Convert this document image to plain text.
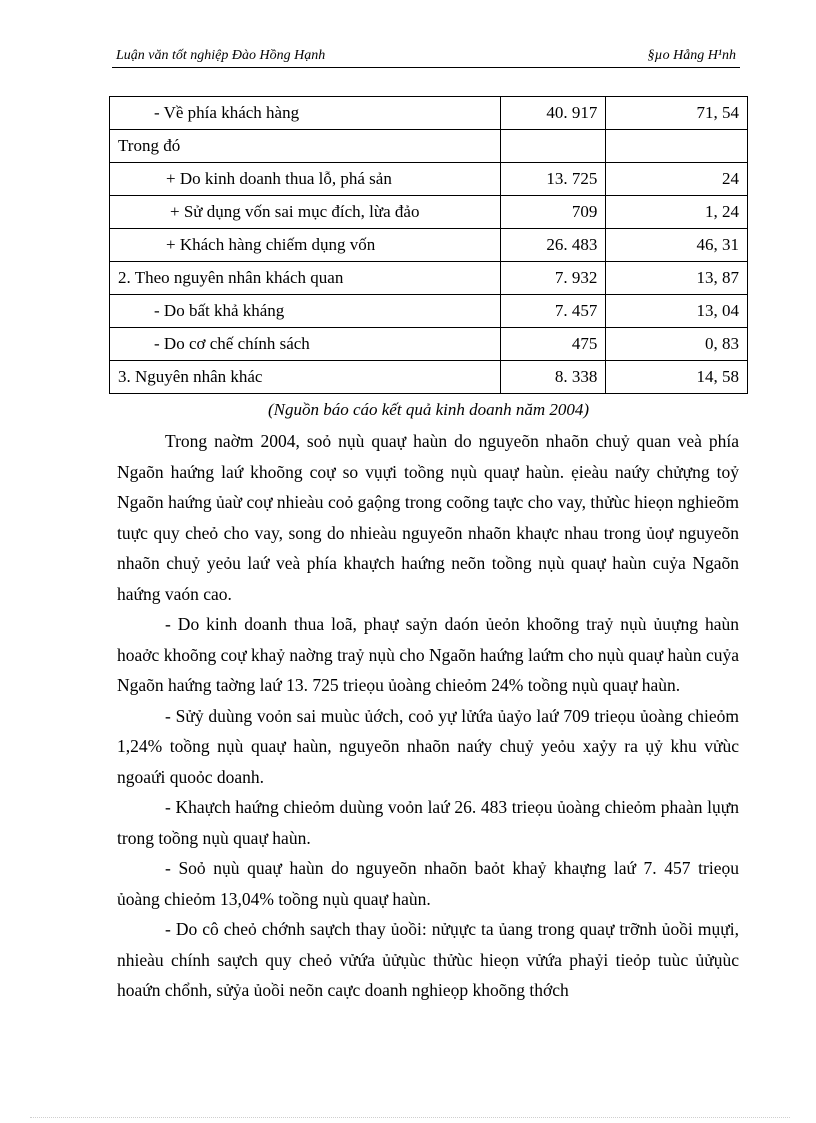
Luận văn tốt nghiệp Đào Hồng Hạnh	§µo Hång H¹nh
- Về phía khách hàng	40. 917	71, 54
Trong đó		
+ Do kinh doanh thua lỗ, phá sản	13. 725	24
+ Sử dụng vốn sai mục đích, lừa đảo	709	1, 24
+ Khách hàng chiếm dụng vốn	26. 483	46, 31
2. Theo nguyên nhân khách quan	7. 932	13, 87
- Do bất khả kháng	7. 457	13, 04
- Do cơ chế chính sách	475	0, 83
3. Nguyên nhân khác	8. 338	14, 58
(Nguồn báo cáo kết quả kinh doanh năm 2004)

Trong naờm 2004, soỏ nụù quaự haùn do nguyeõn nhaõn chuỷ quan veà phía Ngaõn haứng laứ khoõng coự so vụựi toồng nụù quaự haùn. ẹieàu naứy chửựng toỷ Ngaõn haứng ủaừ coự nhieàu coỏ gaộng trong coõng taực cho vay, thửùc hieọn nghieõm tuực quy cheỏ cho vay, song do nhieàu nguyeõn nhaõn khaực nhau trong ủoự nguyeõn nhaõn chuỷ yeỏu laứ veà phía khaựch haứng neõn toồng nụù quaự haùn cuỷa Ngaõn haứng vaón cao.

- Do kinh doanh thua loã, phaự saỷn daón ủeỏn khoõng traỷ nụù ủuựng haùn hoaởc khoõng coự khaỷ naờng traỷ nụù cho Ngaõn haứng laứm cho nụù quaự haùn cuỷa Ngaõn haứng taờng laứ 13. 725 trieọu ủoàng chieỏm 24% toồng nụù quaự haùn.

- Sửỷ duùng voỏn sai muùc ủớch, coỏ yự lửứa ủaỷo laứ 709 trieọu ủoàng chieỏm 1,24% toồng nụù quaự haùn, nguyeõn nhaõn naứy chuỷ yeỏu xaỷy ra ụỷ khu vửùc ngoaứi quoỏc doanh.

- Khaựch haứng chieỏm duùng voỏn laứ 26. 483 trieọu ủoàng chieỏm phaàn lụựn trong toồng nụù quaự haùn.

- Soỏ nụù quaự haùn do nguyeõn nhaõn baỏt khaỷ khaựng laứ 7. 457 trieọu ủoàng chieỏm 13,04% toồng nụù quaự haùn.

- Do cô cheỏ chớnh saựch thay ủoồi: nửụực ta ủang trong quaự trỡnh ủoồi mụựi, nhieàu chính saựch quy cheỏ vửứa ủửụùc thửùc hieọn vửứa phaỷi tieỏp tuùc ủửụùc hoaứn chổnh, sửỷa ủoồi neõn caực doanh nghieọp khoõng thớch
